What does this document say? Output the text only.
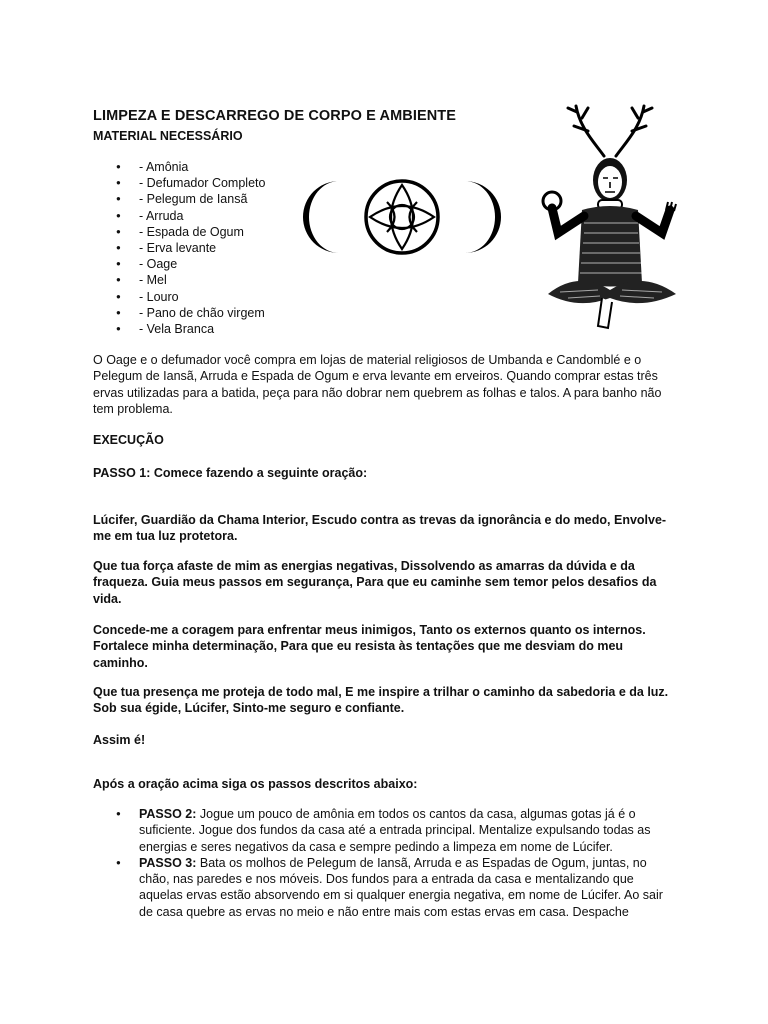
LIMPEZA E DESCARREGO DE CORPO E AMBIENTE
MATERIAL NECESSÁRIO
● - Amônia
● - Defumador Completo
● - Pelegum de Iansã
● - Arruda
● - Espada de Ogum
● - Erva levante
● - Oage
● - Mel
● - Louro
● - Pano de chão virgem
● - Vela Branca
O Oage e o defumador você compra em lojas de material religiosos de Umbanda e Candomblé e o Pelegum de Iansã, Arruda e Espada de Ogum e erva levante em erveiros. Quando comprar estas três ervas utilizadas para a batida, peça para não dobrar nem quebrem as folhas e talos. A para banho não tem problema.
EXECUÇÃO
PASSO 1: Comece fazendo a seguinte oração:
Lúcifer, Guardião da Chama Interior, Escudo contra as trevas da ignorância e do medo, Envolve-me em tua luz protetora.
Que tua força afaste de mim as energias negativas, Dissolvendo as amarras da dúvida e da fraqueza. Guia meus passos em segurança, Para que eu caminhe sem temor pelos desafios da vida.
Concede-me a coragem para enfrentar meus inimigos, Tanto os externos quanto os internos. Fortalece minha determinação, Para que eu resista às tentações que me desviam do meu caminho.
Que tua presença me proteja de todo mal, E me inspire a trilhar o caminho da sabedoria e da luz. Sob sua égide, Lúcifer, Sinto-me seguro e confiante.
Assim é!
Após a oração acima siga os passos descritos abaixo:
● PASSO 2: Jogue um pouco de amônia em todos os cantos da casa, algumas gotas já é o suficiente. Jogue dos fundos da casa até a entrada principal. Mentalize expulsando todas as energias e seres negativos da casa e sempre pedindo a limpeza em nome de Lúcifer.
● PASSO 3: Bata os molhos de Pelegum de Iansã, Arruda e as Espadas de Ogum, juntas, no chão, nas paredes e nos móveis. Dos fundos para a entrada da casa e mentalizando que aquelas ervas estão absorvendo em si qualquer energia negativa, em nome de Lúcifer. Ao sair de casa quebre as ervas no meio e não entre mais com estas ervas em casa. Despache
